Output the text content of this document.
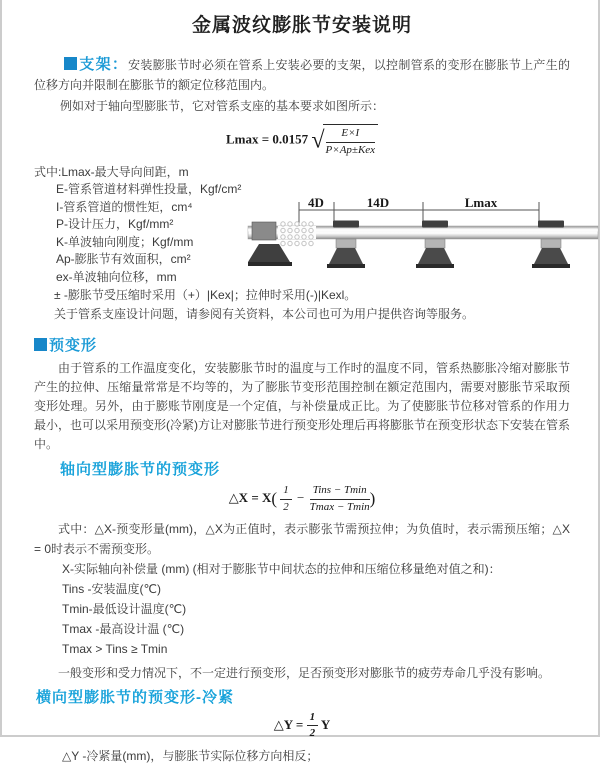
金属波纹膨胀节安装说明

支架：安装膨胀节时必须在管系上安装必要的支架，以控制管系的变形在膨胀节上产生的位移方向并限制在膨胀节的额定位移范围内。

例如对于轴向型膨胀节，它对管系支座的基本要求如图所示：

Lmax = 0.0157 √ $\frac{E\times I}{\text{P×Ap±Kex}}$
式中:Lmax-最大导向间距，m
E-管系管道材料弹性投量，Kgf/cm²
I-管系管道的惯性矩，cm⁴
P-设计压力，Kgf/mm²
K-单波轴向刚度；Kgf/mm
Ap-膨胀节有效面积，cm²
ex-单波轴向位移，mm
± -膨胀节受压缩时采用（+）|Kex|；拉伸时采用(-)|Kexl。
关于管系支座设计问题，请参阅有关资料，本公司也可为用户提供咨询等服务。
4D	14D	Lmax
预变形

由于管系的工作温度变化，安装膨胀节时的温度与工作时的温度不同，管系热膨胀冷缩对膨胀节产生的拉伸、压缩量常常是不均等的，为了膨胀节变形范围控制在额定范围内，需要对膨胀节采取预变形处理。另外，由于膨账节刚度是一个定值，与补偿量成正比。为了使膨胀节位移对管系的作用力最小，也可以采用预变形(冷紧)方让对膨胀节进行预变形处理后再将膨胀节在预变形状态下安装在管系中。

轴向型膨胀节的预变形
△X = $X( \frac{1}{2} - \frac{\text{Tins − Tmin}}{Tmax - Tmin}$ )

式中：△X-预变形量(mm)，△X为正值时，表示膨张节需预拉伸；为负值时，表示需预压缩；△X = 0时表示不需预变形。

X-实际轴向补偿量 (mm) (相对于膨胀节中间状态的拉伸和压缩位移量绝对值之和)：
Tins -安装温度(℃)
Tmin-最低设计温度(℃)
Tmax -最高设计温 (℃)
Tmax > Tins ≥ Tmin

一般变形和受力情况下，不一定进行预变形，足否预变形对膨胀节的疲劳寿命几乎没有影响。

横向型膨胀节的预变形-冷紧
△Y = $\frac{1}{2}$ Y
△Y -冷紧量(mm)，与膨胀节实际位移方向相反；
